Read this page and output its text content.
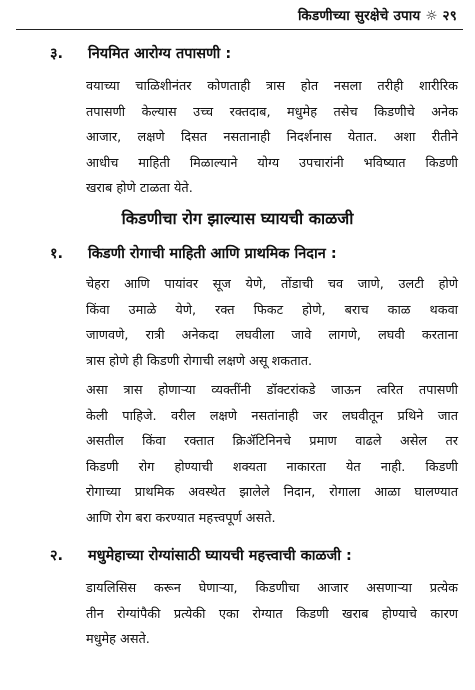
किडणीच्या सुरक्षेचे उपाय ☼ २९
३. नियमित आरोग्य तपासणी :
वयाच्या चाळिशीनंतर कोणताही त्रास होत नसला तरीही शारीरिक
तपासणी केल्यास उच्च रक्तदाब, मधुमेह तसेच किडणीचे अनेक
आजार, लक्षणे दिसत नसतानाही निदर्शनास येतात. अशा रीतीने
आधीच माहिती मिळाल्याने योग्य उपचारांनी भविष्यात किडणी
खराब होणे टाळता येते.
किडणीचा रोग झाल्यास घ्यायची काळजी
१. किडणी रोगाची माहिती आणि प्राथमिक निदान :
चेहरा आणि पायांवर सूज येणे, तोंडाची चव जाणे, उलटी होणे
किंवा उमाळे येणे, रक्त फिकट होणे, बराच काळ थकवा
जाणवणे, रात्री अनेकदा लघवीला जावे लागणे, लघवी करताना
त्रास होणे ही किडणी रोगाची लक्षणे असू शकतात.
असा त्रास होणाऱ्या व्यक्तींनी डॉक्टरांकडे जाऊन त्वरित तपासणी
केली पाहिजे. वरील लक्षणे नसतांनाही जर लघवीतून प्रथिने जात
असतील किंवा रक्तात क्रिॲटिनिनचे प्रमाण वाढले असेल तर
किडणी रोग होण्याची शक्यता नाकारता येत नाही. किडणी
रोगाच्या प्राथमिक अवस्थेत झालेले निदान, रोगाला आळा घालण्यात
आणि रोग बरा करण्यात महत्त्वपूर्ण असते.
२. मधुमेहाच्या रोग्यांसाठी घ्यायची महत्त्वाची काळजी :
डायलिसिस करून घेणाऱ्या, किडणीचा आजार असणाऱ्या प्रत्येक
तीन रोग्यांपैकी प्रत्येकी एका रोग्यात किडणी खराब होण्याचे कारण
मधुमेह असते.
